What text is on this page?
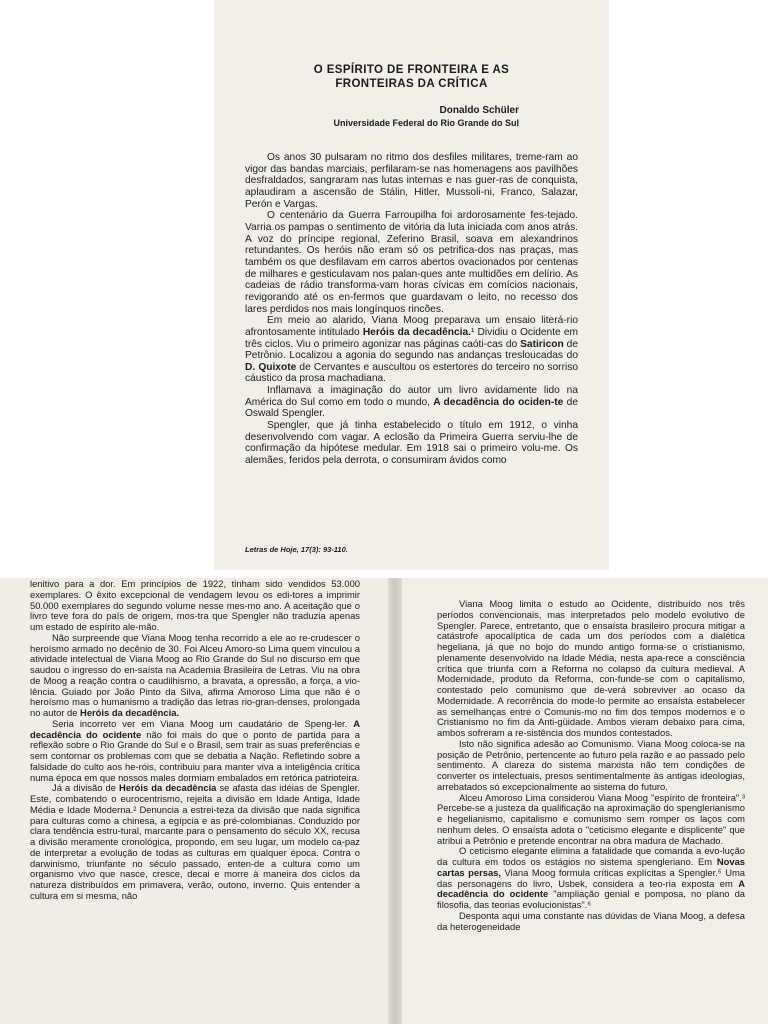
O ESPÍRITO DE FRONTEIRA E AS
FRONTEIRAS DA CRÍTICA
Donaldo Schüler
Universidade Federal do Rio Grande do Sul

Os anos 30 pulsaram no ritmo dos desfiles militares, treme-ram ao vigor das bandas marciais, perfilaram-se nas homenagens aos pavilhões desfraldados, sangraram nas lutas internas e nas guer-ras de conquista, aplaudiram a ascensão de Stálin, Hitler, Mussoli-ni, Franco, Salazar, Perón e Vargas.

O centenário da Guerra Farroupilha foi ardorosamente fes-tejado. Varria os pampas o sentimento de vitória da luta iniciada com anos atrás. A voz do príncipe regional, Zeferino Brasil, soava em alexandrinos retundantes. Os heróis não eram só os petrifica-dos nas praças, mas também os que desfilavam em carros abertos ovacionados por centenas de milhares e gesticulavam nos palan-ques ante multidões em delírio. As cadeias de rádio transforma-vam horas cívicas em comícios nacionais, revigorando até os en-fermos que guardavam o leito, no recesso dos lares perdidos nos mais longínquos rincões.

Em meio ao alarido, Viana Moog preparava um ensaio literá-rio afrontosamente intitulado Heróis da decadência.¹ Dividiu o Ocidente em três ciclos. Viu o primeiro agonizar nas páginas caóti-cas do Satiricon de Petrônio. Localizou a agonia do segundo nas andanças tresloucadas do D. Quixote de Cervantes e auscultou os estertores do terceiro no sorriso cáustico da prosa machadiana.

Inflamava a imaginação do autor um livro avidamente lido na América do Sul como em todo o mundo, A decadência do ociden-te de Oswald Spengler.

Spengler, que já tinha estabelecido o título em 1912, o vinha desenvolvendo com vagar. A eclosão da Primeira Guerra serviu-lhe de confirmação da hipótese medular. Em 1918 sai o primeiro volu-me. Os alemães, feridos pela derrota, o consumiram ávidos como

Letras de Hoje, 17(3): 93-110.

lenitivo para a dor. Em princípios de 1922, tinham sido vendidos 53.000 exemplares. O êxito excepcional de vendagem levou os edi-tores a imprimir 50.000 exemplares do segundo volume nesse mes-mo ano. A aceitação que o livro teve fora do país de origem, mos-tra que Spengler não traduzia apenas um estado de espírito ale-mão.

Não surpreende que Viana Moog tenha recorrido a ele ao re-crudescer o heroísmo armado no decênio de 30. Foi Alceu Amoro-so Lima quem vinculou a atividade intelectual de Viana Moog ao Rio Grande do Sul no discurso em que saudou o ingresso do en-saísta na Academia Brasileira de Letras. Viu na obra de Moog a reação contra o caudilhismo, a bravata, a opressão, a força, a vio-lência. Guiado por João Pinto da Silva, afirma Amoroso Lima que não é o heroísmo mas o humanismo a tradição das letras rio-gran-denses, prolongada no autor de Heróis da decadência.

Seria incorreto ver em Viana Moog um caudatário de Speng-ler. A decadência do ocidente não foi mais do que o ponto de partida para a reflexão sobre o Rio Grande do Sul e o Brasil, sem trair as suas preferências e sem contornar os problemas com que se debatia a Nação. Refletindo sobre a falsidade do culto aos he-róis, contribuiu para manter viva a inteligência crítica numa época em que nossos males dormiam embalados em retórica patrioteira.

Já a divisão de Heróis da decadência se afasta das idéias de Spengler. Este, combatendo o eurocentrismo, rejeita a divisão em Idade Antiga, Idade Média e Idade Moderna.² Denuncia a estrei-teza da divisão que nada significa para culturas como a chinesa, a egípcia e as pré-colombianas. Conduzido por clara tendência estru-tural, marcante para o pensamento do século XX, recusa a divisão meramente cronológica, propondo, em seu lugar, um modelo ca-paz de interpretar a evolução de todas as culturas em qualquer época. Contra o darwinismo, triunfante no século passado, enten-de a cultura como um organismo vivo que nasce, cresce, decai e morre à maneira dos ciclos da natureza distribuídos em primavera, verão, outono, inverno. Quis entender a cultura em si mesma, não

Viana Moog limita o estudo ao Ocidente, distribuído nos três períodos convencionais, mas interpretados pelo modelo evolutivo de Spengler. Parece, entretanto, que o ensaísta brasileiro procura mitigar a catástrofe apocalíptica de cada um dos períodos com a dialética hegeliana, já que no bojo do mundo antigo forma-se o cristianismo, plenamente desenvolvido na Idade Média, nesta apa-rece a consciência crítica que triunfa com a Reforma no colapso da cultura medieval. A Modernidade, produto da Reforma, con-funde-se com o capitalismo, contestado pelo comunismo que de-verá sobreviver ao ocaso da Modernidade. A recorrência do mode-lo permite ao ensaísta estabelecer as semelhanças entre o Comunis-mo no fim dos tempos modernos e o Cristianismo no fim da Anti-güidade. Ambos vieram debaixo para cima, ambos sofreram a re-sistência dos mundos contestados.

Isto não significa adesão ao Comunismo. Viana Moog coloca-se na posição de Petrônio, pertencente ao futuro pela razão e ao passado pelo sentimento. A clareza do sistema marxista não tem condições de converter os intelectuais, presos sentimentalmente às antigas ideologias, arrebatados só excepcionalmente ao sistema do futuro.

Alceu Amoroso Lima considerou Viana Moog "espírito de fronteira".³ Percebe-se a justeza da qualificação na aproximação do spenglerianismo e hegelianismo, capitalismo e comunismo sem romper os laços com nenhum deles. O ensaísta adota o "ceticismo elegante e displicente" que atribui a Petrônio e pretende encontrar na obra madura de Machado.

O ceticismo elegante elimina a fatalidade que comanda a evo-lução da cultura em todos os estágios no sistema spengleriano. Em Novas cartas persas, Viana Moog formula críticas explícitas a Spengler.⁵ Uma das personagens do livro, Usbek, considera a teo-ria exposta em A decadência do ocidente "ampliação genial e pomposa, no plano da filosofia, das teorias evolucionistas".⁶

Desponta aqui uma constante nas dúvidas de Viana Moog, a defesa da heterogeneidade
